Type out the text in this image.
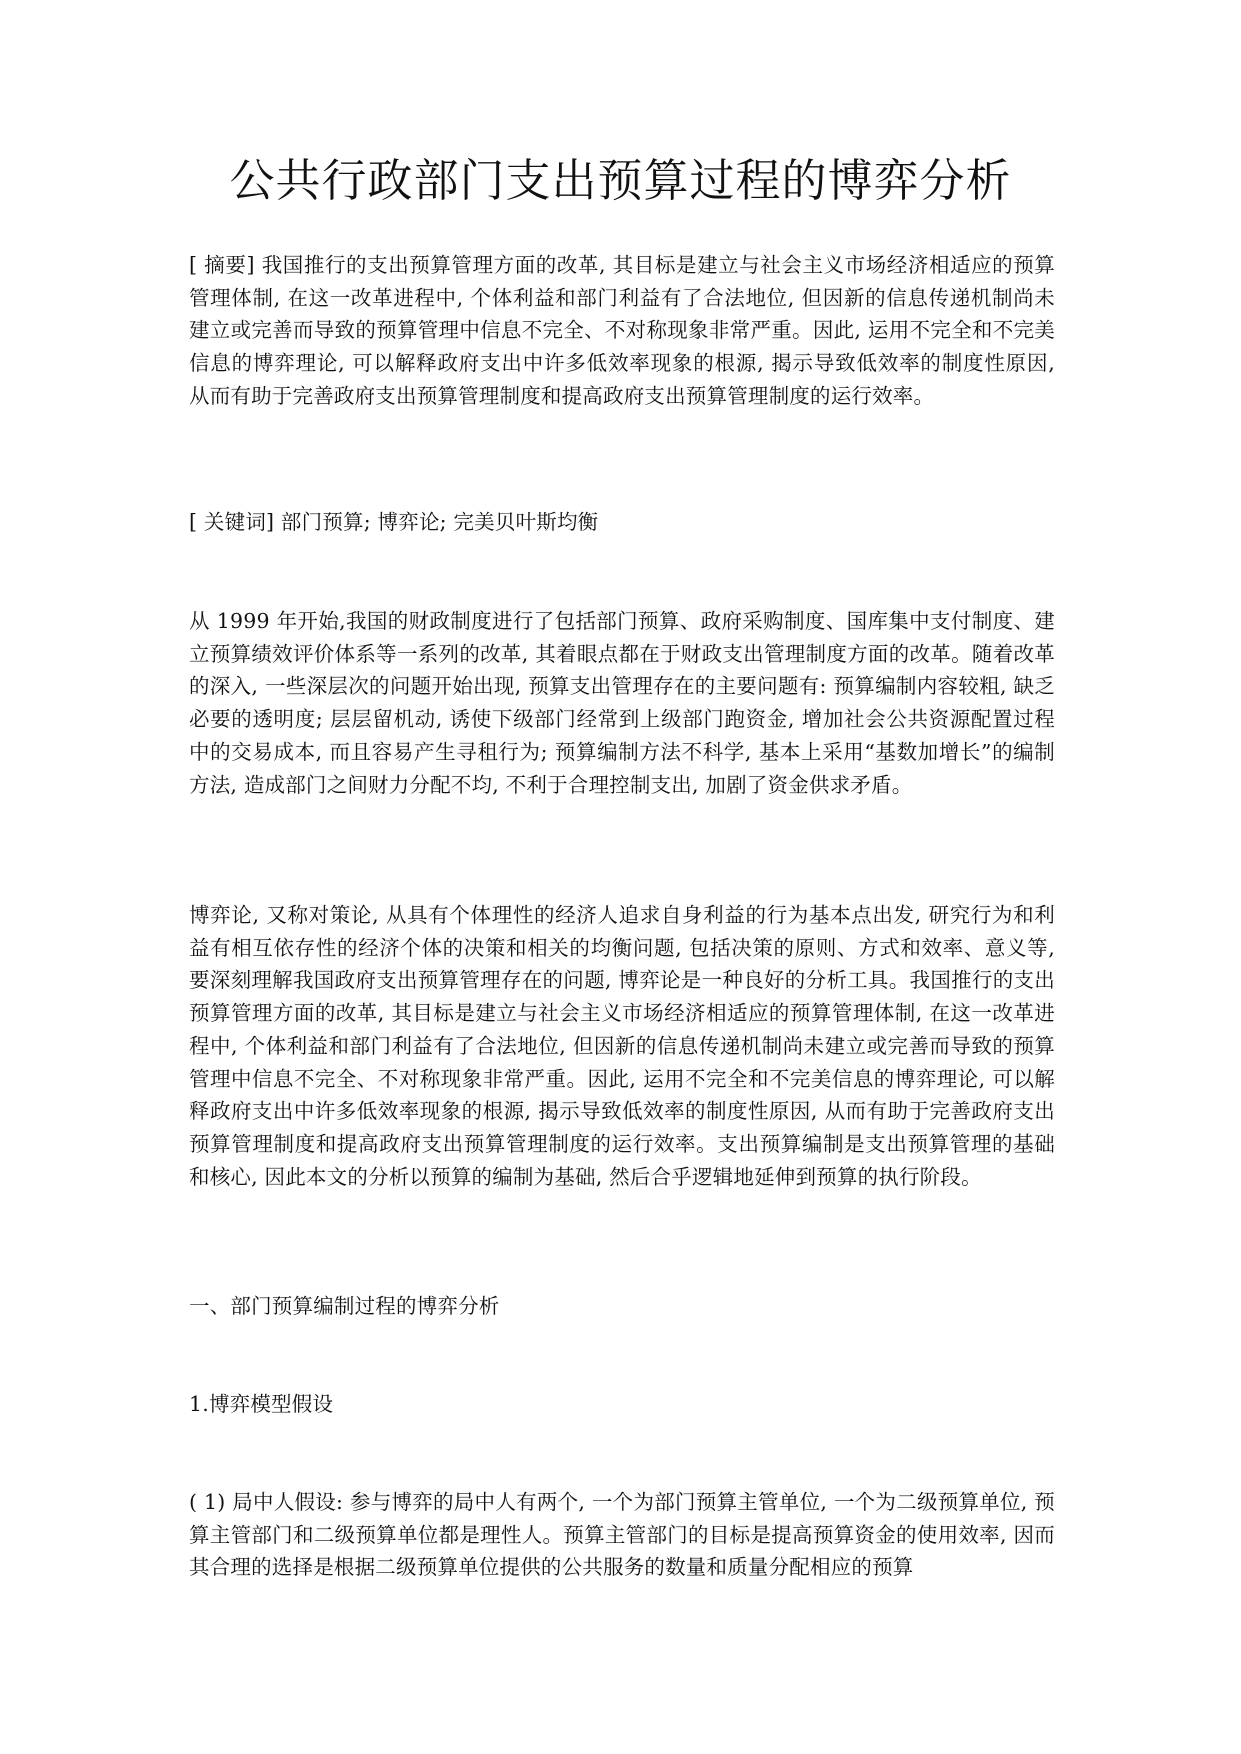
公共行政部门支出预算过程的博弈分析

[ 摘要] 我国推行的支出预算管理方面的改革, 其目标是建立与社会主义市场经济相适应的预算管理体制, 在这一改革进程中, 个体利益和部门利益有了合法地位, 但因新的信息传递机制尚未建立或完善而导致的预算管理中信息不完全、不对称现象非常严重。因此, 运用不完全和不完美信息的博弈理论, 可以解释政府支出中许多低效率现象的根源, 揭示导致低效率的制度性原因, 从而有助于完善政府支出预算管理制度和提高政府支出预算管理制度的运行效率。

[ 关键词] 部门预算; 博弈论; 完美贝叶斯均衡

从 1999 年开始,我国的财政制度进行了包括部门预算、政府采购制度、国库集中支付制度、建立预算绩效评价体系等一系列的改革, 其着眼点都在于财政支出管理制度方面的改革。随着改革的深入, 一些深层次的问题开始出现, 预算支出管理存在的主要问题有: 预算编制内容较粗, 缺乏必要的透明度; 层层留机动, 诱使下级部门经常到上级部门跑资金, 增加社会公共资源配置过程中的交易成本, 而且容易产生寻租行为; 预算编制方法不科学, 基本上采用“基数加增长”的编制方法, 造成部门之间财力分配不均, 不利于合理控制支出, 加剧了资金供求矛盾。

博弈论, 又称对策论, 从具有个体理性的经济人追求自身利益的行为基本点出发, 研究行为和利益有相互依存性的经济个体的决策和相关的均衡问题, 包括决策的原则、方式和效率、意义等, 要深刻理解我国政府支出预算管理存在的问题, 博弈论是一种良好的分析工具。我国推行的支出预算管理方面的改革, 其目标是建立与社会主义市场经济相适应的预算管理体制, 在这一改革进程中, 个体利益和部门利益有了合法地位, 但因新的信息传递机制尚未建立或完善而导致的预算管理中信息不完全、不对称现象非常严重。因此, 运用不完全和不完美信息的博弈理论, 可以解释政府支出中许多低效率现象的根源, 揭示导致低效率的制度性原因, 从而有助于完善政府支出预算管理制度和提高政府支出预算管理制度的运行效率。支出预算编制是支出预算管理的基础和核心, 因此本文的分析以预算的编制为基础, 然后合乎逻辑地延伸到预算的执行阶段。

一、部门预算编制过程的博弈分析

1.博弈模型假设

( 1) 局中人假设: 参与博弈的局中人有两个, 一个为部门预算主管单位, 一个为二级预算单位, 预算主管部门和二级预算单位都是理性人。预算主管部门的目标是提高预算资金的使用效率, 因而其合理的选择是根据二级预算单位提供的公共服务的数量和质量分配相应的预算
